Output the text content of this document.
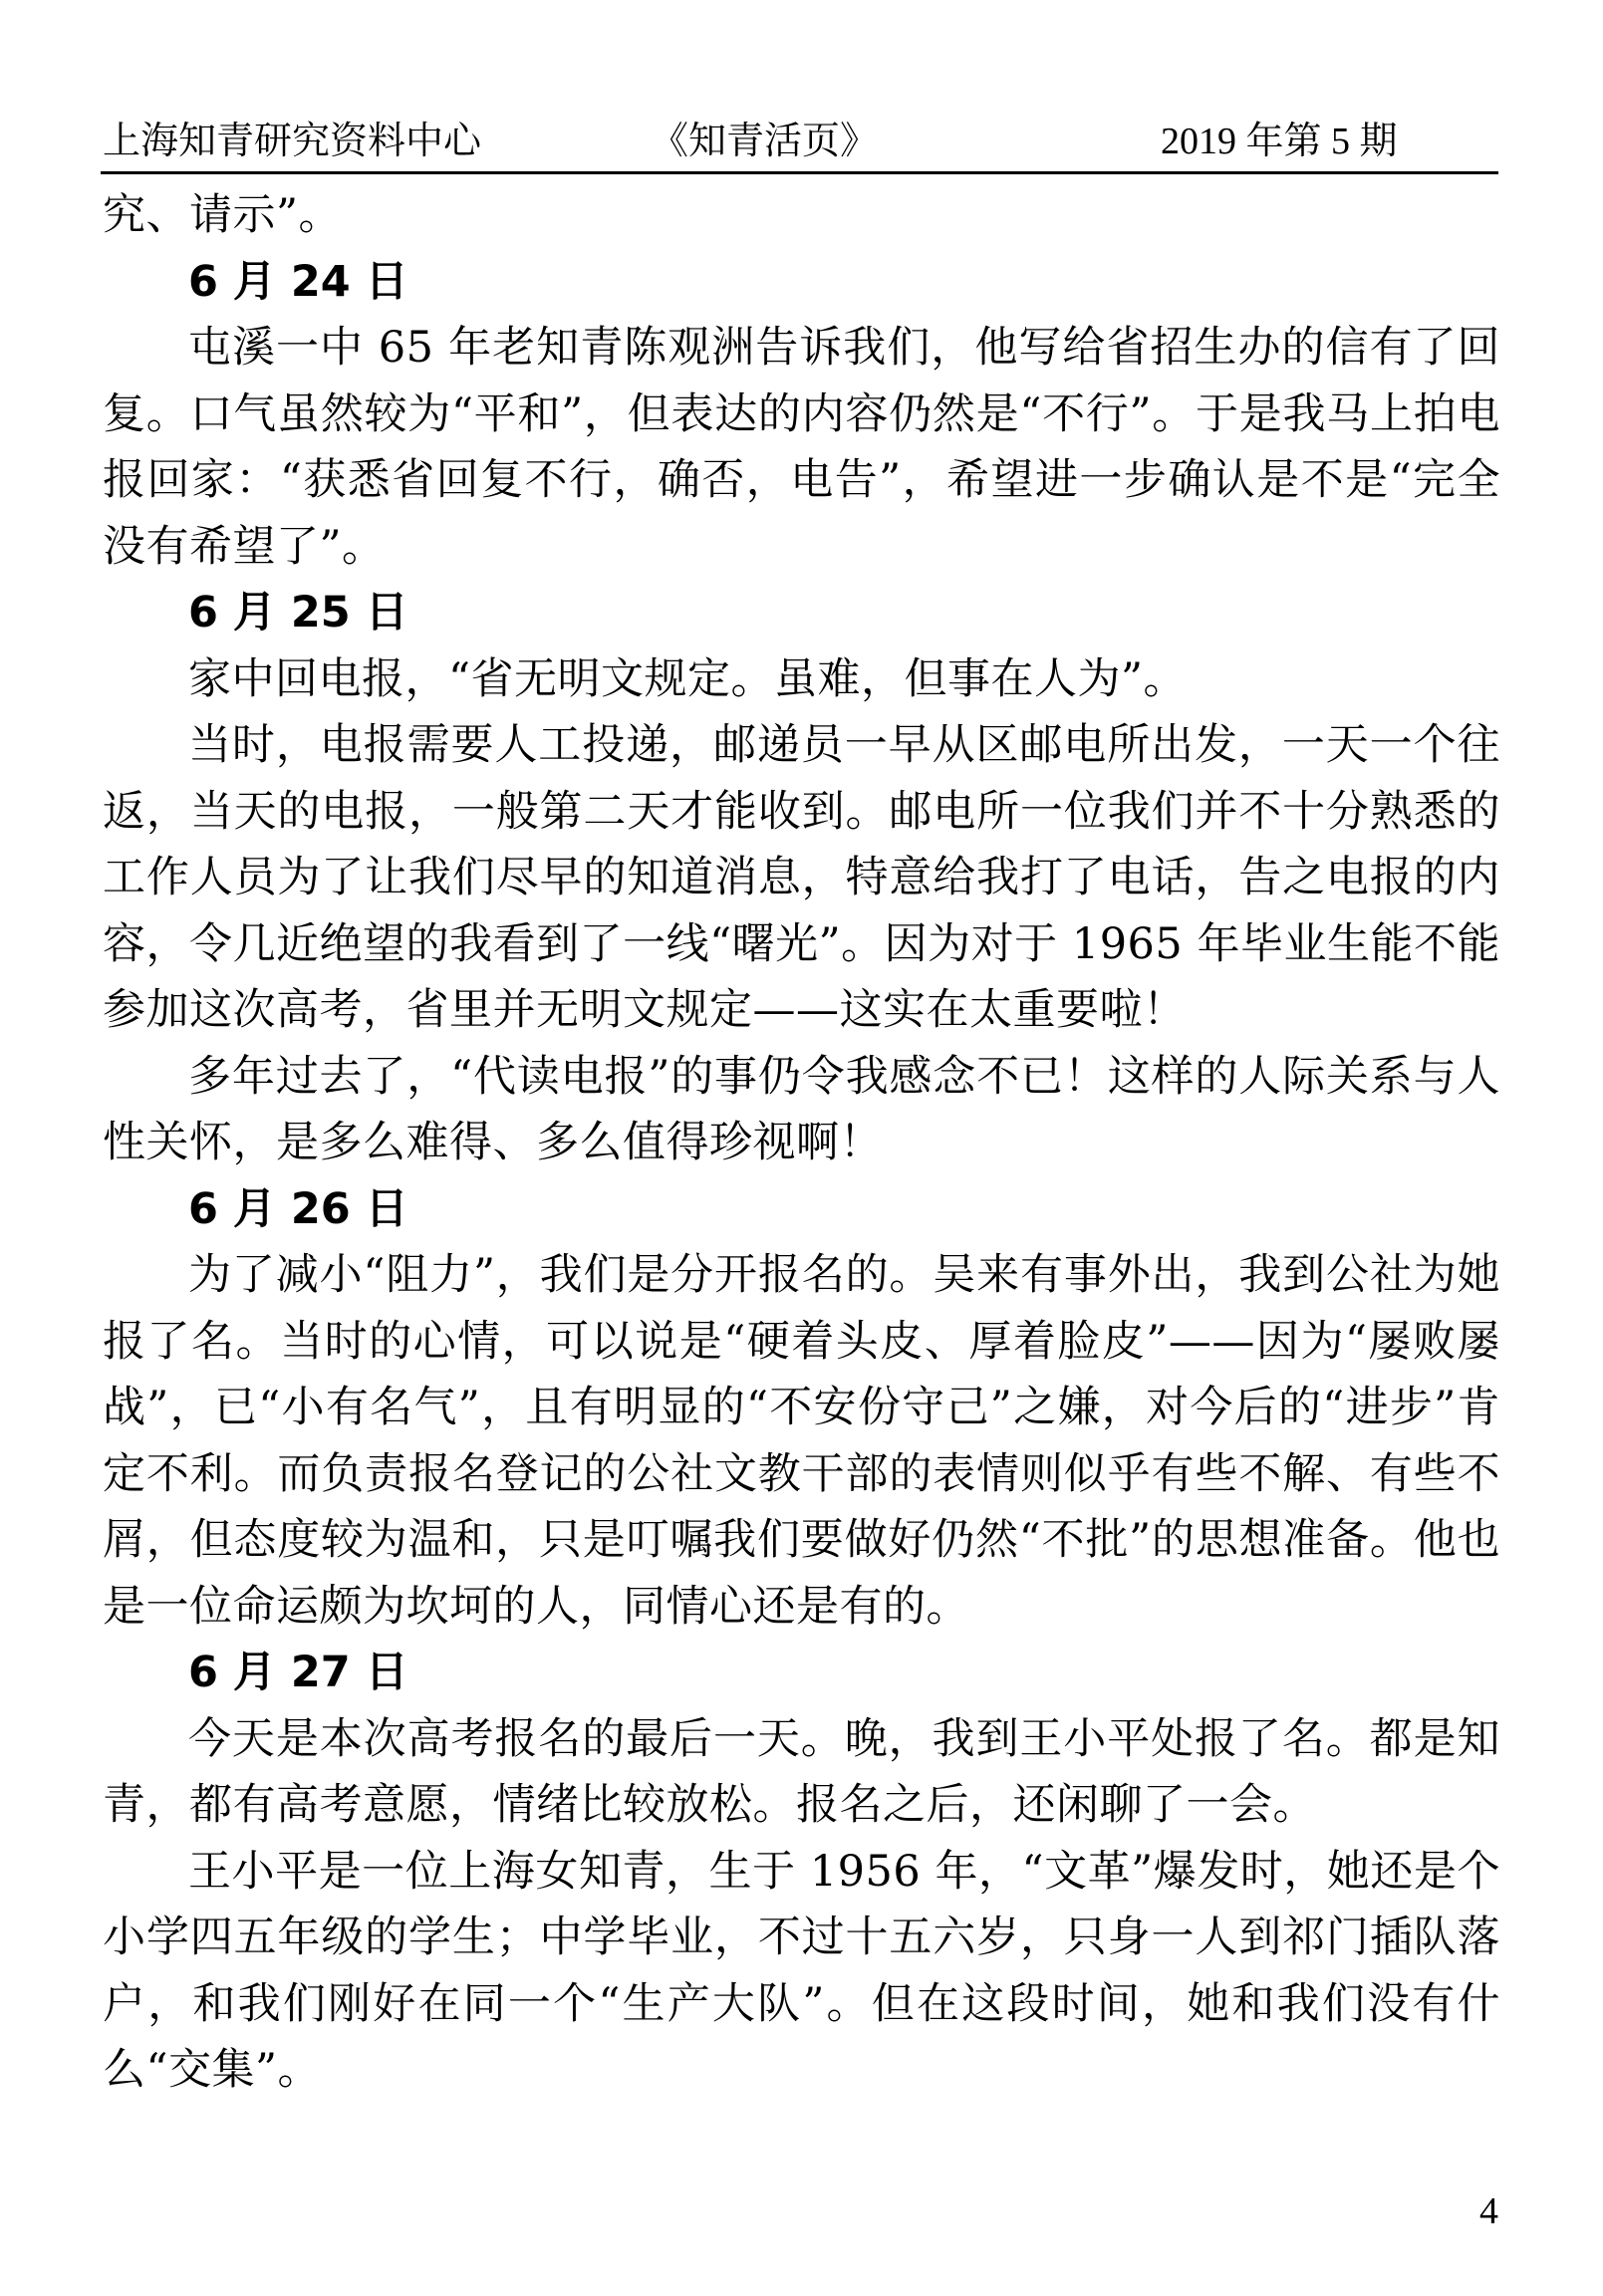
上海知青研究资料中心	《知青活页》	2019 年第 5 期

究、请示”。

6 月 24 日

屯溪一中 65 年老知青陈观洲告诉我们，他写给省招生办的信有了回复。口气虽然较为“平和”，但表达的内容仍然是“不行”。于是我马上拍电报回家：“获悉省回复不行，确否，电告”，希望进一步确认是不是“完全没有希望了”。

6 月 25 日

家中回电报，“省无明文规定。虽难，但事在人为”。

当时，电报需要人工投递，邮递员一早从区邮电所出发，一天一个往返，当天的电报，一般第二天才能收到。邮电所一位我们并不十分熟悉的工作人员为了让我们尽早的知道消息，特意给我打了电话，告之电报的内容，令几近绝望的我看到了一线“曙光”。因为对于 1965 年毕业生能不能参加这次高考，省里并无明文规定——这实在太重要啦！

多年过去了，“代读电报”的事仍令我感念不已！这样的人际关系与人性关怀，是多么难得、多么值得珍视啊！

6 月 26 日

为了减小“阻力”，我们是分开报名的。吴来有事外出，我到公社为她报了名。当时的心情，可以说是“硬着头皮、厚着脸皮”——因为“屡败屡战”，已“小有名气”，且有明显的“不安份守己”之嫌，对今后的“进步”肯定不利。而负责报名登记的公社文教干部的表情则似乎有些不解、有些不屑，但态度较为温和，只是叮嘱我们要做好仍然“不批”的思想准备。他也是一位命运颇为坎坷的人，同情心还是有的。

6 月 27 日

今天是本次高考报名的最后一天。晚，我到王小平处报了名。都是知青，都有高考意愿，情绪比较放松。报名之后，还闲聊了一会。

王小平是一位上海女知青，生于 1956 年，“文革”爆发时，她还是个小学四五年级的学生；中学毕业，不过十五六岁，只身一人到祁门插队落户，和我们刚好在同一个“生产大队”。但在这段时间，她和我们没有什么“交集”。

4
